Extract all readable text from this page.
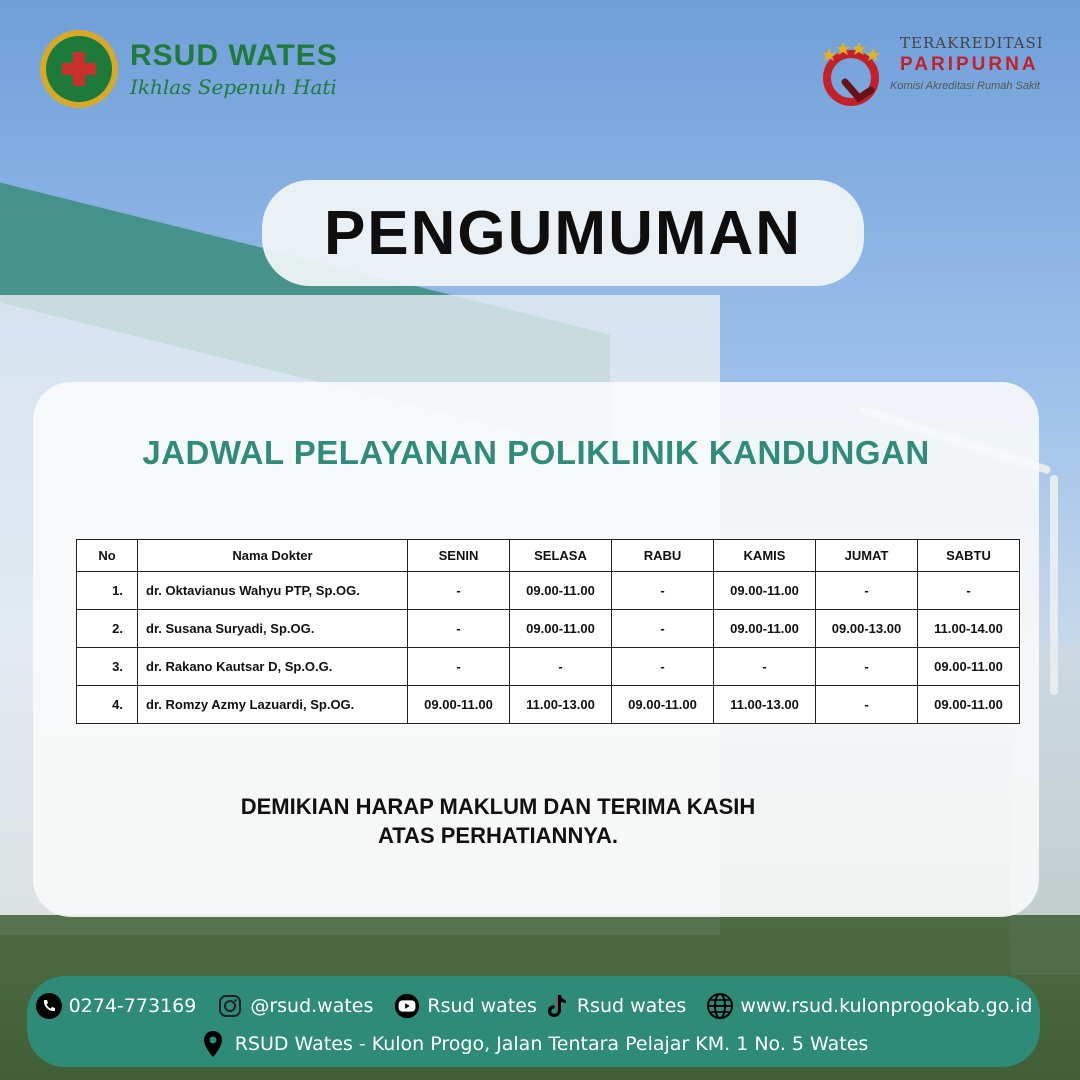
RSUD WATES
Ikhlas Sepenuh Hati
TERAKREDITASI
PARIPURNA
Komisi Akreditasi Rumah Sakit
PENGUMUMAN
JADWAL PELAYANAN POLIKLINIK KANDUNGAN
No	Nama Dokter	SENIN	SELASA	RABU	KAMIS	JUMAT	SABTU
1.	dr. Oktavianus Wahyu PTP, Sp.OG.	-	09.00-11.00	-	09.00-11.00	-	-
2.	dr. Susana Suryadi, Sp.OG.	-	09.00-11.00	-	09.00-11.00	09.00-13.00	11.00-14.00
3.	dr. Rakano Kautsar D, Sp.O.G.	-	-	-	-	-	09.00-11.00
4.	dr. Romzy Azmy Lazuardi, Sp.OG.	09.00-11.00	11.00-13.00	09.00-11.00	11.00-13.00	-	09.00-11.00
DEMIKIAN HARAP MAKLUM DAN TERIMA KASIH
ATAS PERHATIANNYA.
0274-773169	@rsud.wates	Rsud wates Rsud wates	www.rsud.kulonprogokab.go.id
RSUD Wates - Kulon Progo, Jalan Tentara Pelajar KM. 1 No. 5 Wates
